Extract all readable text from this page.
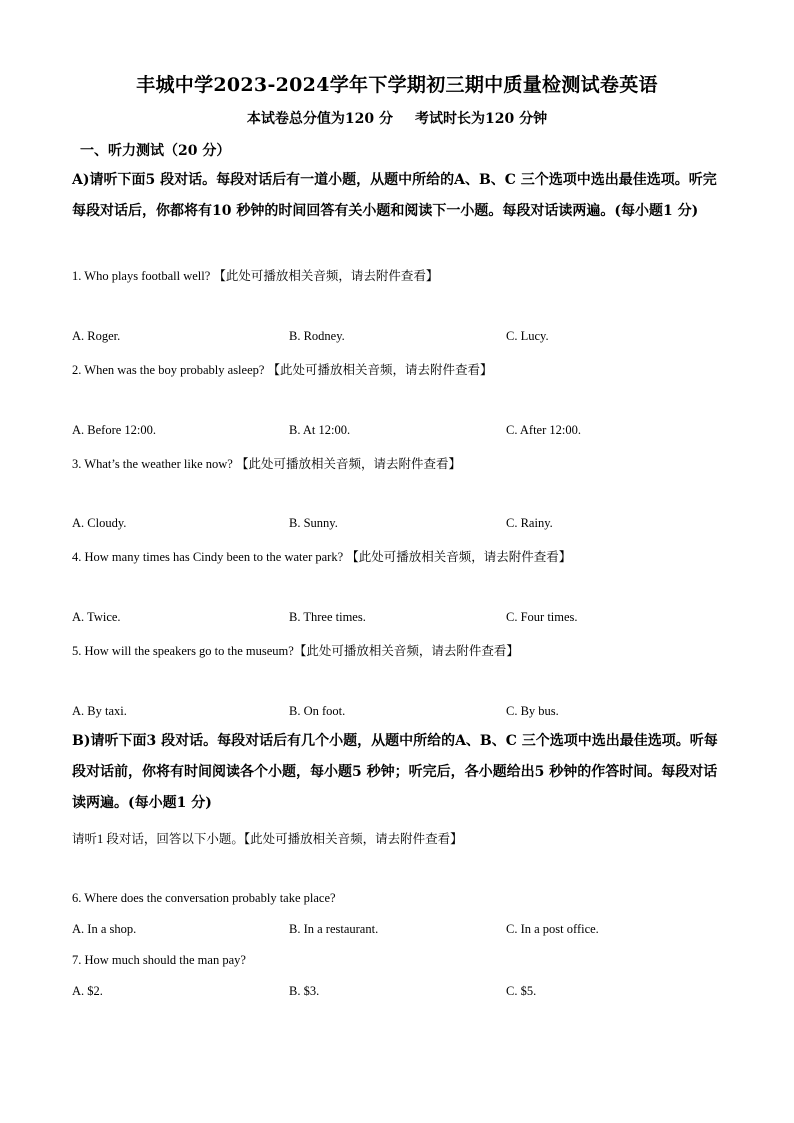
丰城中学2023-2024学年下学期初三期中质量检测试卷英语
本试卷总分值为120 分 考试时长为120 分钟
一、听力测试（20 分）
A)请听下面5 段对话。每段对话后有一道小题，从题中所给的A、B、C 三个选项中选出最佳选项。听完每段对话后，你都将有10 秒钟的时间回答有关小题和阅读下一小题。每段对话读两遍。(每小题1 分)
1. Who plays football well? 【此处可播放相关音频，请去附件查看】
A. Roger.	B. Rodney.	C. Lucy.
2. When was the boy probably asleep? 【此处可播放相关音频，请去附件查看】
A. Before 12:00.	B. At 12:00.	C. After 12:00.
3. What’s the weather like now? 【此处可播放相关音频，请去附件查看】
A. Cloudy.	B. Sunny.	C. Rainy.
4. How many times has Cindy been to the water park? 【此处可播放相关音频，请去附件查看】
A. Twice.	B. Three times.	C. Four times.
5. How will the speakers go to the museum?【此处可播放相关音频，请去附件查看】
A. By taxi.	B. On foot.	C. By bus.
B)请听下面3 段对话。每段对话后有几个小题，从题中所给的A、B、C 三个选项中选出最佳选项。听每段对话前，你将有时间阅读各个小题，每小题5 秒钟；听完后，各小题给出5 秒钟的作答时间。每段对话读两遍。(每小题1 分)
请听1 段对话，回答以下小题。【此处可播放相关音频，请去附件查看】
6. Where does the conversation probably take place?
A. In a shop.	B. In a restaurant.	C. In a post office.
7. How much should the man pay?
A. $2.	B. $3.	C. $5.
